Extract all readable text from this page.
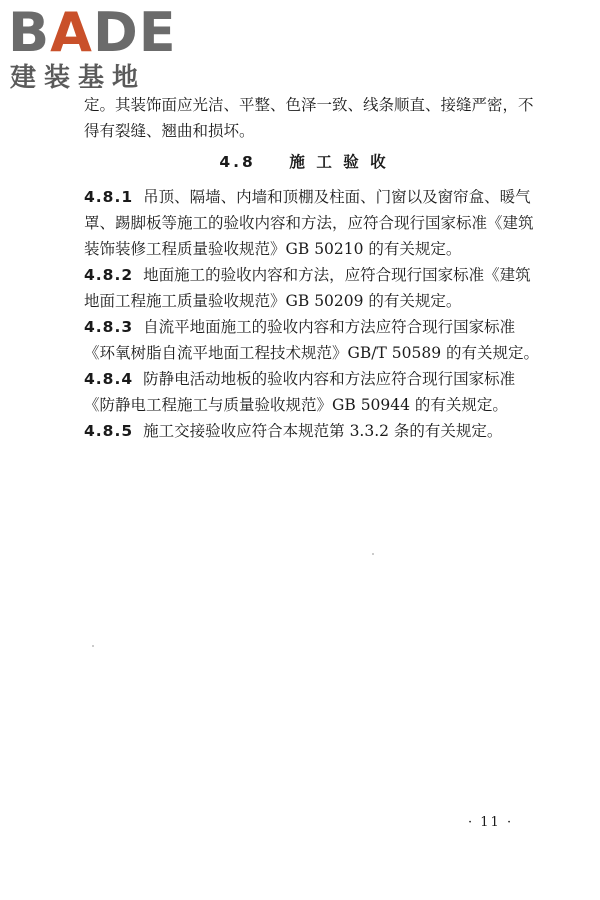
BADE
建装基地
定。其装饰面应光洁、平整、色泽一致、线条顺直、接缝严密，不得有裂缝、翘曲和损坏。
4.8 施 工 验 收

4.8.1 吊顶、隔墙、内墙和顶棚及柱面、门窗以及窗帘盒、暖气罩、踢脚板等施工的验收内容和方法，应符合现行国家标准《建筑装饰装修工程质量验收规范》GB 50210 的有关规定。

4.8.2 地面施工的验收内容和方法，应符合现行国家标准《建筑地面工程施工质量验收规范》GB 50209 的有关规定。

4.8.3 自流平地面施工的验收内容和方法应符合现行国家标准《环氧树脂自流平地面工程技术规范》GB/T 50589 的有关规定。

4.8.4 防静电活动地板的验收内容和方法应符合现行国家标准《防静电工程施工与质量验收规范》GB 50944 的有关规定。

4.8.5 施工交接验收应符合本规范第 3.3.2 条的有关规定。

· 11 ·
